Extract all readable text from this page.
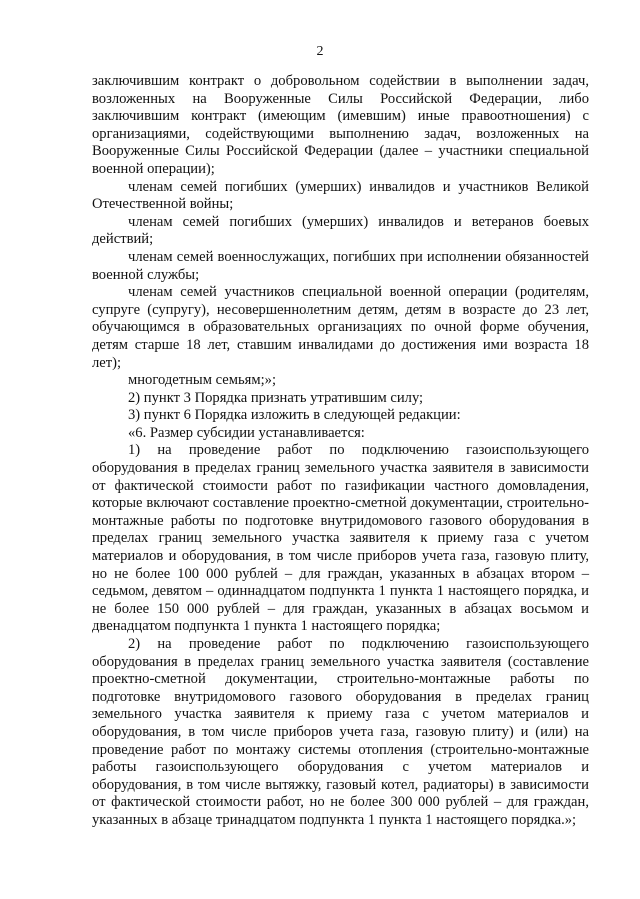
2

заключившим контракт о добровольном содействии в выполнении задач, возложенных на Вооруженные Силы Российской Федерации, либо заключившим контракт (имеющим (имевшим) иные правоотношения) с организациями, содействующими выполнению задач, возложенных на Вооруженные Силы Российской Федерации (далее – участники специальной военной операции);

членам семей погибших (умерших) инвалидов и участников Великой Отечественной войны;

членам семей погибших (умерших) инвалидов и ветеранов боевых действий;

членам семей военнослужащих, погибших при исполнении обязанностей военной службы;

членам семей участников специальной военной операции (родителям, супруге (супругу), несовершеннолетним детям, детям в возрасте до 23 лет, обучающимся в образовательных организациях по очной форме обучения, детям старше 18 лет, ставшим инвалидами до достижения ими возраста 18 лет);

многодетным семьям;»;

2) пункт 3 Порядка признать утратившим силу;

3) пункт 6 Порядка изложить в следующей редакции:

«6. Размер субсидии устанавливается:

1) на проведение работ по подключению газоиспользующего оборудования в пределах границ земельного участка заявителя в зависимости от фактической стоимости работ по газификации частного домовладения, которые включают составление проектно-сметной документации, строительно-монтажные работы по подготовке внутридомового газового оборудования в пределах границ земельного участка заявителя к приему газа с учетом материалов и оборудования, в том числе приборов учета газа, газовую плиту, но не более 100 000 рублей – для граждан, указанных в абзацах втором – седьмом, девятом – одиннадцатом подпункта 1 пункта 1 настоящего порядка, и не более 150 000 рублей – для граждан, указанных в абзацах восьмом и двенадцатом подпункта 1 пункта 1 настоящего порядка;

2) на проведение работ по подключению газоиспользующего оборудования в пределах границ земельного участка заявителя (составление проектно-сметной документации, строительно-монтажные работы по подготовке внутридомового газового оборудования в пределах границ земельного участка заявителя к приему газа с учетом материалов и оборудования, в том числе приборов учета газа, газовую плиту) и (или) на проведение работ по монтажу системы отопления (строительно-монтажные работы газоиспользующего оборудования с учетом материалов и оборудования, в том числе вытяжку, газовый котел, радиаторы) в зависимости от фактической стоимости работ, но не более 300 000 рублей – для граждан, указанных в абзаце тринадцатом подпункта 1 пункта 1 настоящего порядка.»;
